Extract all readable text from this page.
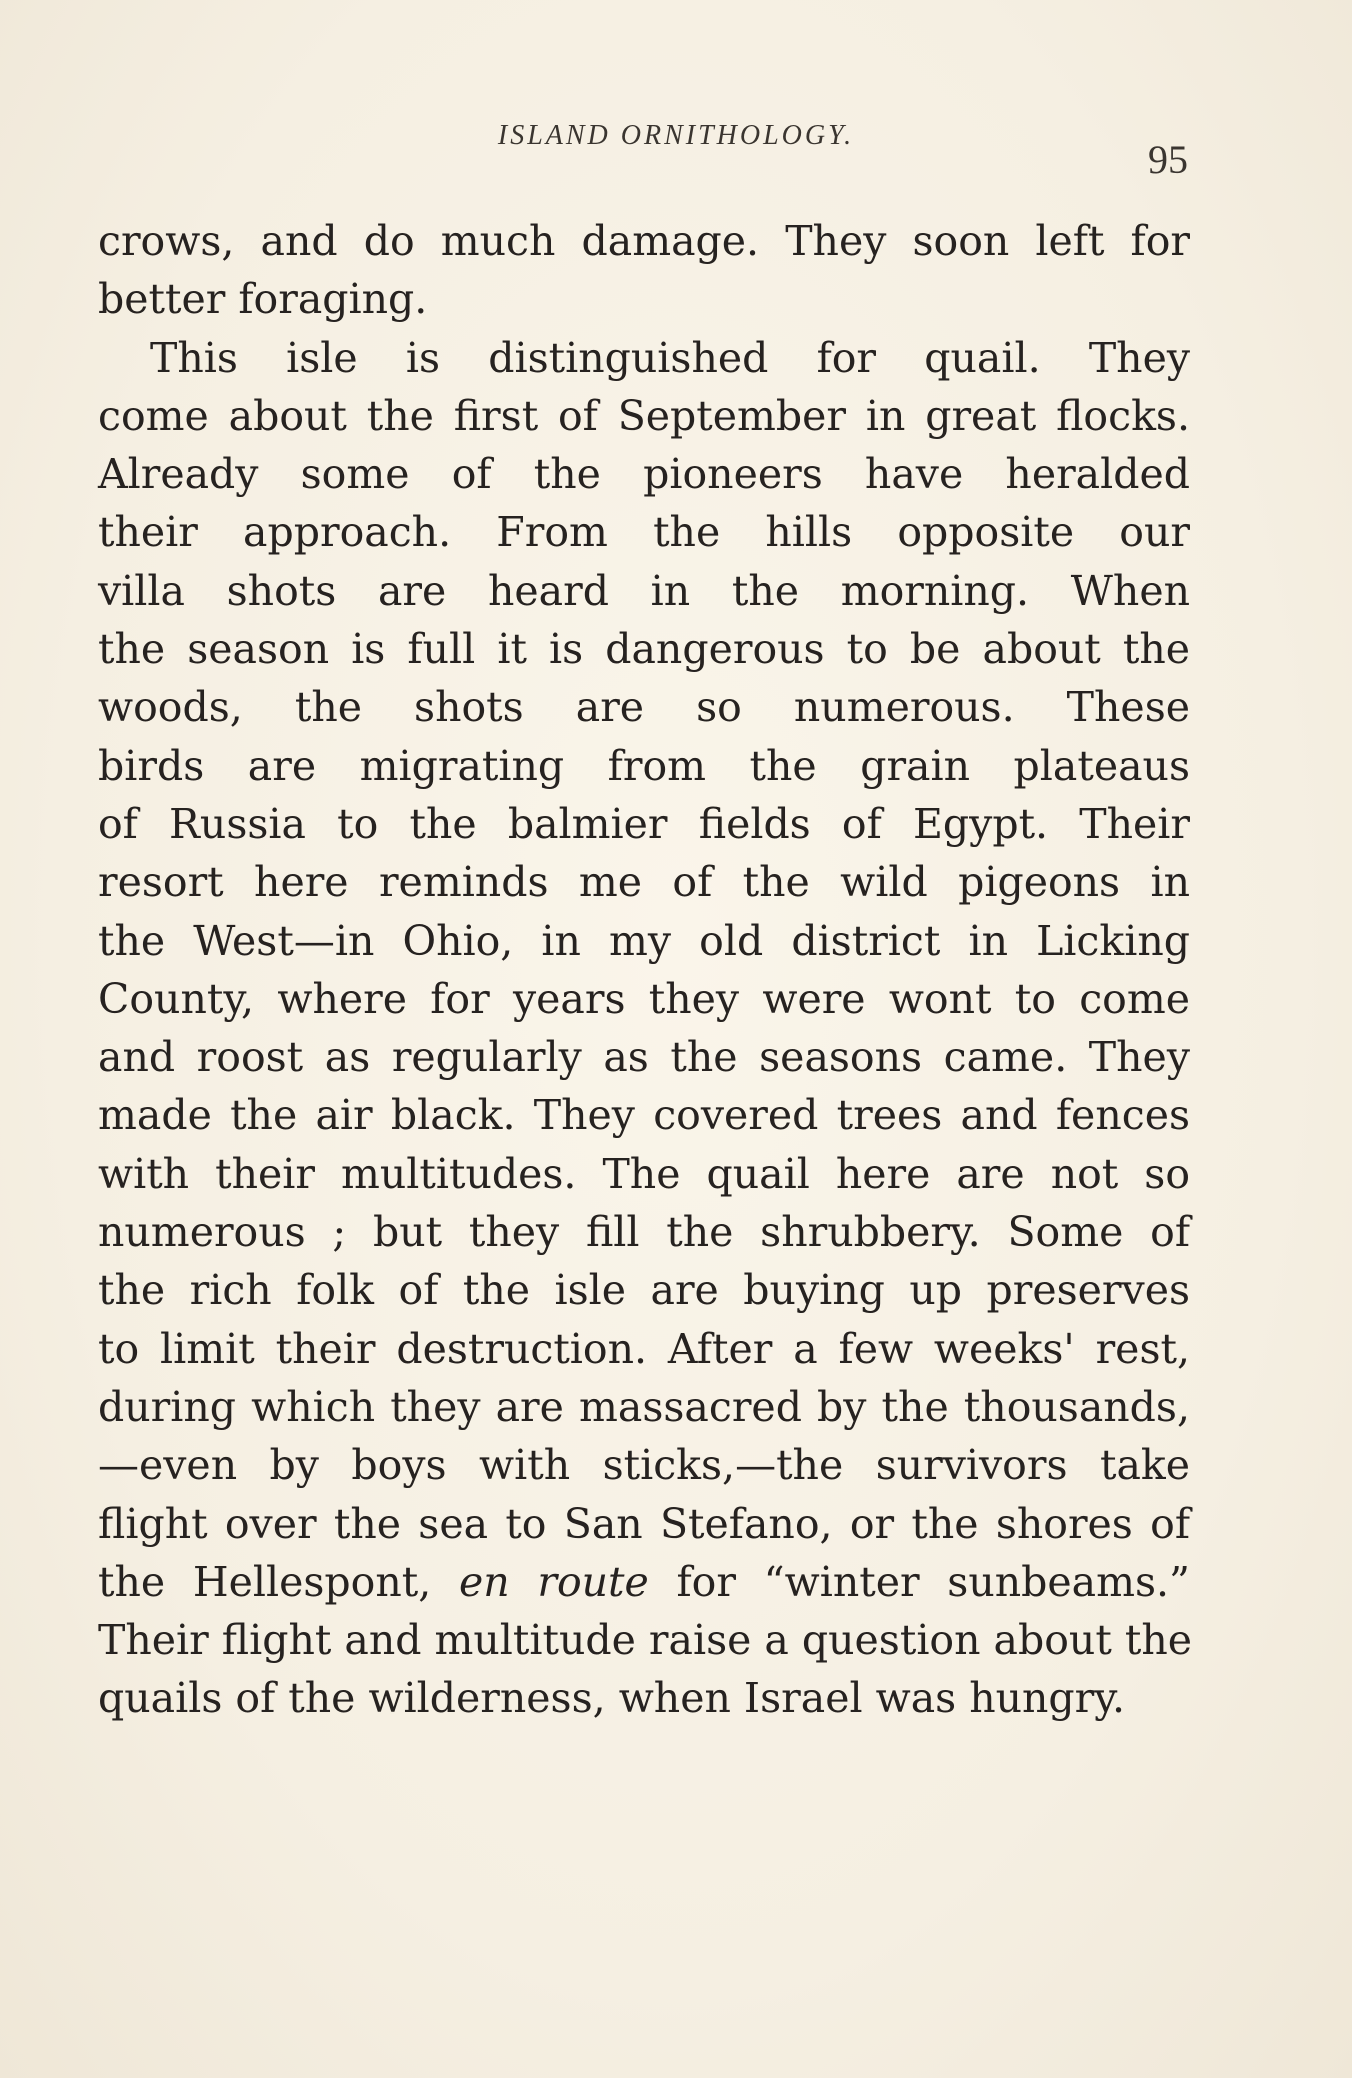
ISLAND ORNITHOLOGY.
95
crows, and do much damage. They soon left for
better foraging.
This isle is distinguished for quail. They
come about the first of September in great flocks.
Already some of the pioneers have heralded
their approach. From the hills opposite our
villa shots are heard in the morning. When
the season is full it is dangerous to be about the
woods, the shots are so numerous. These
birds are migrating from the grain plateaus
of Russia to the balmier fields of Egypt. Their
resort here reminds me of the wild pigeons in
the West—in Ohio, in my old district in Licking
County, where for years they were wont to come
and roost as regularly as the seasons came. They
made the air black. They covered trees and fences
with their multitudes. The quail here are not so
numerous ; but they fill the shrubbery. Some of
the rich folk of the isle are buying up preserves
to limit their destruction. After a few weeks' rest,
during which they are massacred by the thousands,
—even by boys with sticks,—the survivors take
flight over the sea to San Stefano, or the shores of
the Hellespont, en route for “winter sunbeams.”
Their flight and multitude raise a question about the
quails of the wilderness, when Israel was hungry.
